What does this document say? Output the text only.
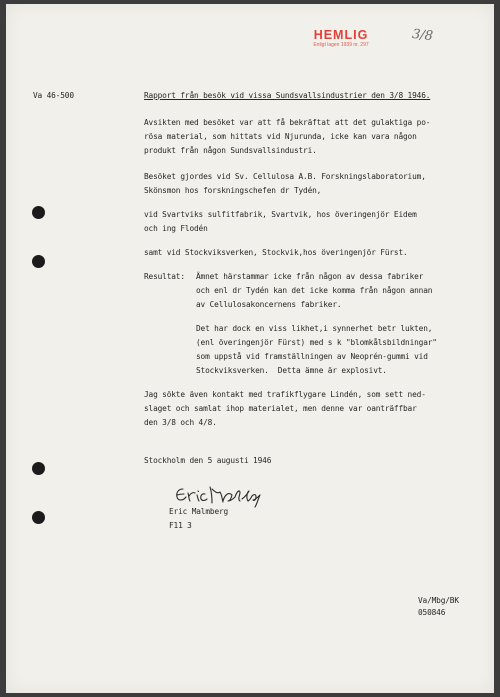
HEMLIG
Enligt lagen 1939 nr. 297
3/8
Va 46-500	Rapport från besök vid vissa Sundsvallsindustrier den 3/8 1946.
Avsikten med besöket var att få bekräftat att det gulaktiga po-
rösa material, som hittats vid Njurunda, icke kan vara någon
produkt från någon Sundsvallsindustri.
Besöket gjordes vid Sv. Cellulosa A.B. Forskningslaboratorium,
Skönsmon hos forskningschefen dr Tydén,
vid Svartviks sulfitfabrik, Svartvik, hos överingenjör Eidem
och ing Flodén
samt vid Stockviksverken, Stockvik,hos överingenjör Fürst.
Resultat: Ämnet härstammar icke från någon av dessa fabriker
och enl dr Tydén kan det icke komma från någon annan
av Cellulosakoncernens fabriker.
Det har dock en viss likhet,i synnerhet betr lukten,
(enl överingenjör Fürst) med s k "blomkålsbildningar"
som uppstå vid framställningen av Neoprén-gummi vid
Stockviksverken.  Detta ämne är explosivt.
Jag sökte även kontakt med trafikflygare Lindén, som sett ned-
slaget och samlat ihop materialet, men denne var oanträffbar
den 3/8 och 4/8.
Stockholm den 5 augusti 1946
Eric Malmberg
F11 3
Va/Mbg/BK
050846
